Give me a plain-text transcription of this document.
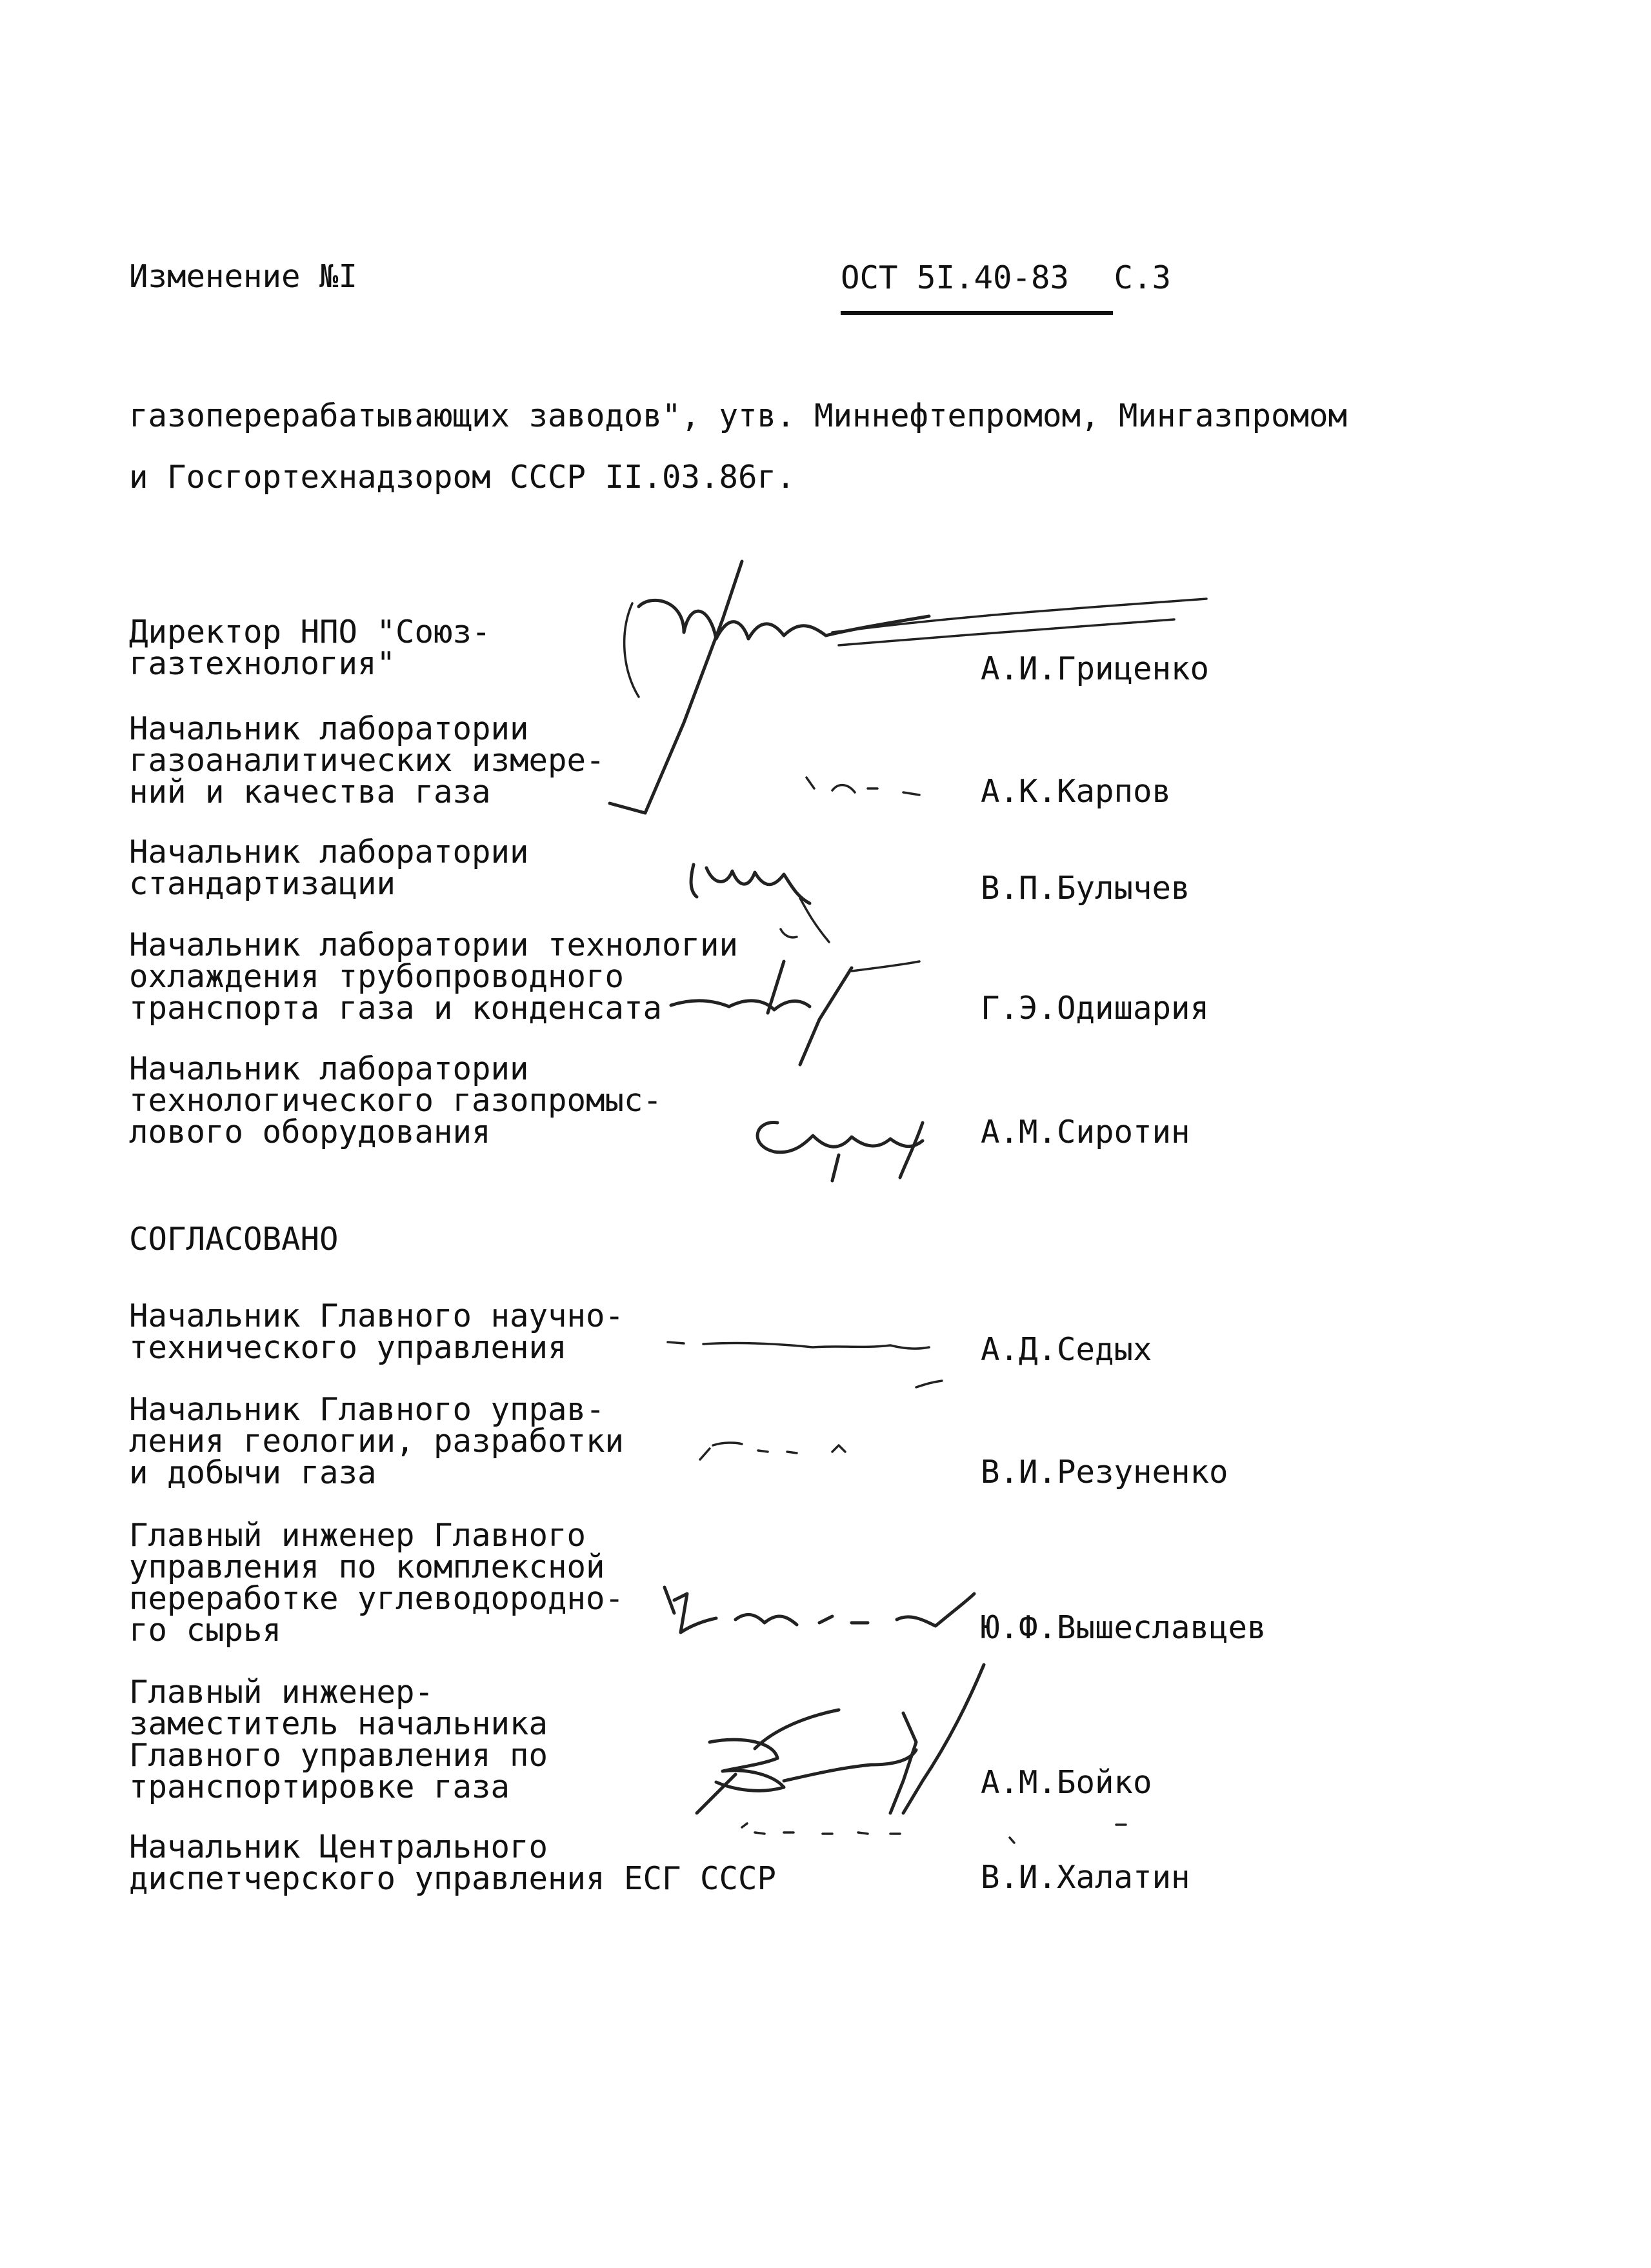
Изменение №I	ОСТ 5I.40-83 С.3
газоперерабатывающих заводов", утв. Миннефтепромом, Мингазпромом
и Госгортехнадзором СССР II.03.86г.
Директор НПО "Союз-
газтехнология"	А.И.Гриценко
Начальник лаборатории
газоаналитических измере-
ний и качества газа	А.К.Карпов
Начальник лаборатории
стандартизации	В.П.Булычев
Начальник лаборатории технологии
охлаждения трубопроводного
транспорта газа и конденсата	Г.Э.Одишария
Начальник лаборатории
технологического газопромыс-
лового оборудования	А.М.Сиротин
СОГЛАСОВАНО
Начальник Главного научно-
технического управления	А.Д.Седых
Начальник Главного управ-
ления геологии, разработки
и добычи газа	В.И.Резуненко
Главный инженер Главного
управления по комплексной
переработке углеводородно-
го сырья	Ю.Ф.Вышеславцев
Главный инженер-
заместитель начальника
Главного управления по
транспортировке газа	А.М.Бойко
Начальник Центрального
диспетчерского управления ЕСГ СССР	В.И.Халатин
